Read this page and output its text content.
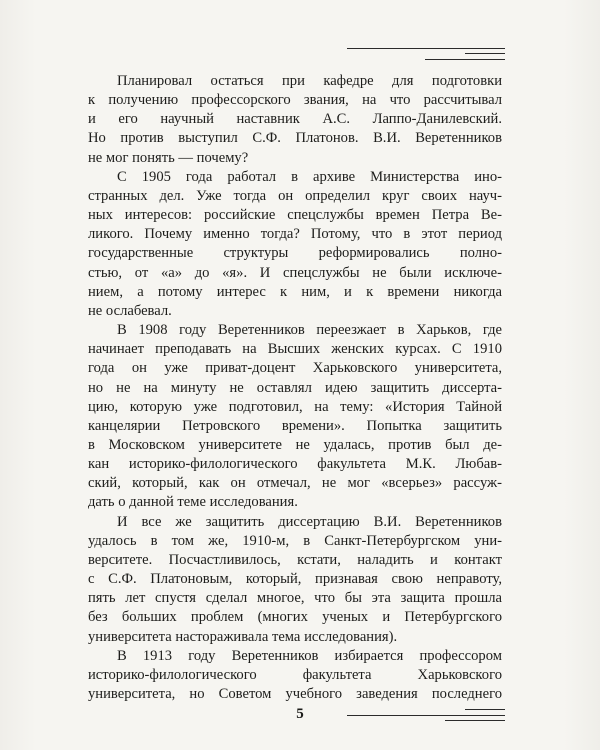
Планировал остаться при кафедре для подготовки
к получению профессорского звания, на что рассчитывал
и его научный наставник А.С. Лаппо-Данилевский.
Но против выступил С.Ф. Платонов. В.И. Веретенников
не мог понять — почему?
С 1905 года работал в архиве Министерства ино-
странных дел. Уже тогда он определил круг своих науч-
ных интересов: российские спецслужбы времен Петра Ве-
ликого. Почему именно тогда? Потому, что в этот период
государственные структуры реформировались полно-
стью, от «а» до «я». И спецслужбы не были исключе-
нием, а потому интерес к ним, и к времени никогда
не ослабевал.
В 1908 году Веретенников переезжает в Харьков, где
начинает преподавать на Высших женских курсах. С 1910
года он уже приват-доцент Харьковского университета,
но не на минуту не оставлял идею защитить диссерта-
цию, которую уже подготовил, на тему: «История Тайной
канцелярии Петровского времени». Попытка защитить
в Московском университете не удалась, против был де-
кан историко-филологического факультета М.К. Любав-
ский, который, как он отмечал, не мог «всерьез» рассуж-
дать о данной теме исследования.
И все же защитить диссертацию В.И. Веретенников
удалось в том же, 1910-м, в Санкт-Петербургском уни-
верситете. Посчастливилось, кстати, наладить и контакт
с С.Ф. Платоновым, который, признавая свою неправоту,
пять лет спустя сделал многое, что бы эта защита прошла
без больших проблем (многих ученых и Петербургского
университета настораживала тема исследования).
В 1913 году Веретенников избирается профессором
историко-филологического факультета Харьковского
университета, но Советом учебного заведения последнего
5
